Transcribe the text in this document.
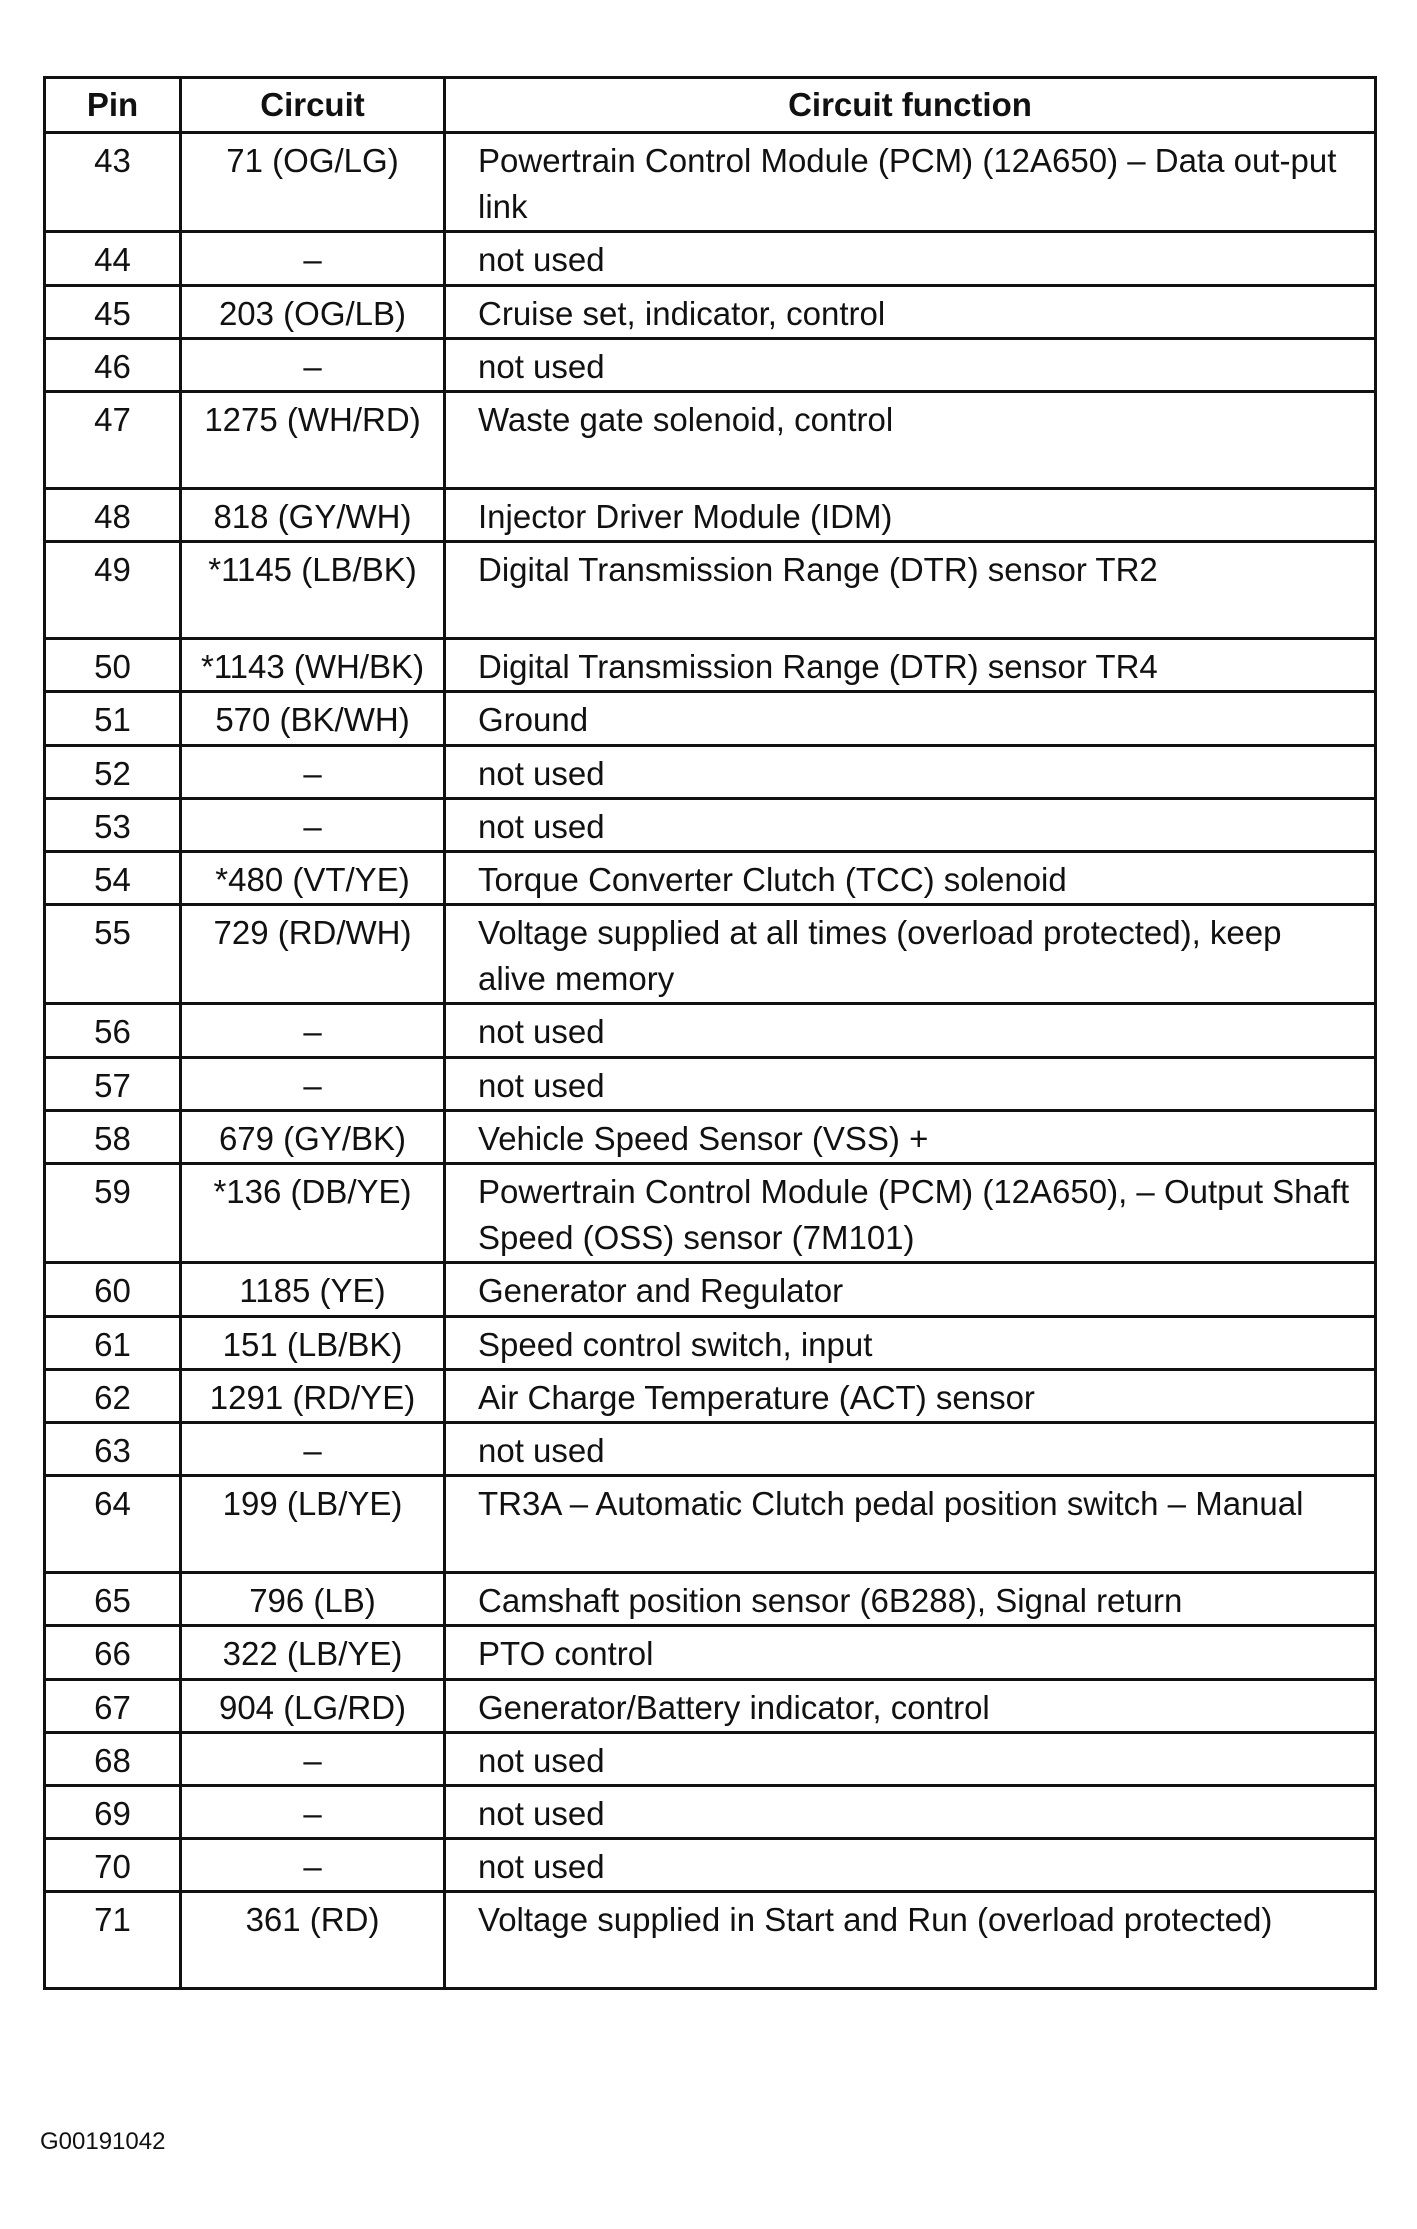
Pin	Circuit	Circuit function
43	71 (OG/LG)	Powertrain Control Module (PCM) (12A650) – Data out-put link
44	–	not used
45	203 (OG/LB)	Cruise set, indicator, control
46	–	not used
47	1275 (WH/RD)	Waste gate solenoid, control
48	818 (GY/WH)	Injector Driver Module (IDM)
49	*1145 (LB/BK)	Digital Transmission Range (DTR) sensor TR2
50	*1143 (WH/BK)	Digital Transmission Range (DTR) sensor TR4
51	570 (BK/WH)	Ground
52	–	not used
53	–	not used
54	*480 (VT/YE)	Torque Converter Clutch (TCC) solenoid
55	729 (RD/WH)	Voltage supplied at all times (overload protected), keep alive memory
56	–	not used
57	–	not used
58	679 (GY/BK)	Vehicle Speed Sensor (VSS) +
59	*136 (DB/YE)	Powertrain Control Module (PCM) (12A650), – Output Shaft Speed (OSS) sensor (7M101)
60	1185 (YE)	Generator and Regulator
61	151 (LB/BK)	Speed control switch, input
62	1291 (RD/YE)	Air Charge Temperature (ACT) sensor
63	–	not used
64	199 (LB/YE)	TR3A – Automatic Clutch pedal position switch – Manual
65	796 (LB)	Camshaft position sensor (6B288), Signal return
66	322 (LB/YE)	PTO control
67	904 (LG/RD)	Generator/Battery indicator, control
68	–	not used
69	–	not used
70	–	not used
71	361 (RD)	Voltage supplied in Start and Run (overload protected)
G00191042
